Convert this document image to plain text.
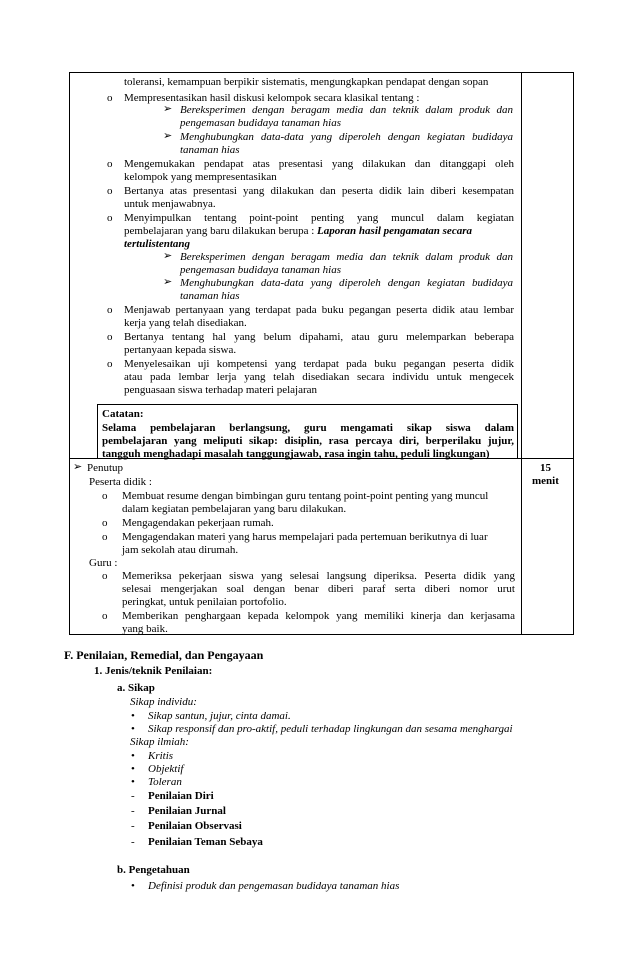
toleransi, kemampuan berpikir sistematis, mengungkapkan pendapat dengan sopan
o Mempresentasikan hasil diskusi kelompok secara klasikal tentang :
➢ Bereksperimen dengan beragam media dan teknik dalam produk dan
pengemasan budidaya tanaman hias
➢ Menghubungkan data-data yang diperoleh dengan kegiatan budidaya
tanaman hias
o Mengemukakan pendapat atas presentasi yang dilakukan dan ditanggapi oleh
kelompok yang mempresentasikan
o Bertanya atas presentasi yang dilakukan dan peserta didik lain diberi kesempatan
untuk menjawabnya.
o Menyimpulkan tentang point-point penting yang muncul dalam kegiatan
pembelajaran yang baru dilakukan berupa : Laporan hasil pengamatan secara
tertulistentang
➢ Bereksperimen dengan beragam media dan teknik dalam produk dan
pengemasan budidaya tanaman hias
➢ Menghubungkan data-data yang diperoleh dengan kegiatan budidaya
tanaman hias
o Menjawab pertanyaan yang terdapat pada buku pegangan peserta didik atau lembar
kerja yang telah disediakan.
o Bertanya tentang hal yang belum dipahami, atau guru melemparkan beberapa
pertanyaan kepada siswa.
o Menyelesaikan uji kompetensi yang terdapat pada buku pegangan peserta didik
atau pada lembar lerja yang telah disediakan secara individu untuk mengecek
penguasaan siswa terhadap materi pelajaran
Catatan:
Selama pembelajaran berlangsung, guru mengamati sikap siswa dalam
pembelajaran yang meliputi sikap: disiplin, rasa percaya diri, berperilaku jujur,
tangguh menghadapi masalah tanggungjawab, rasa ingin tahu, peduli lingkungan)
➢ Penutup	15
menit
Peserta didik :
o Membuat resume dengan bimbingan guru tentang point-point penting yang muncul
dalam kegiatan pembelajaran yang baru dilakukan.
o Mengagendakan pekerjaan rumah.
o Mengagendakan materi yang harus mempelajari pada pertemuan berikutnya di luar
jam sekolah atau dirumah.
Guru :
o Memeriksa pekerjaan siswa yang selesai langsung diperiksa. Peserta didik yang
selesai mengerjakan soal dengan benar diberi paraf serta diberi nomor urut
peringkat, untuk penilaian portofolio.
o Memberikan penghargaan kepada kelompok yang memiliki kinerja dan kerjasama
yang baik.
F. Penilaian, Remedial, dan Pengayaan
1. Jenis/teknik Penilaian:
a. Sikap
Sikap individu:
• Sikap santun, jujur, cinta damai.
• Sikap responsif dan pro-aktif, peduli terhadap lingkungan dan sesama menghargai
Sikap ilmiah:
• Kritis
• Objektif
• Toleran
- Penilaian Diri
- Penilaian Jurnal
- Penilaian Observasi
- Penilaian Teman Sebaya
b. Pengetahuan
• Definisi produk dan pengemasan budidaya tanaman hias
